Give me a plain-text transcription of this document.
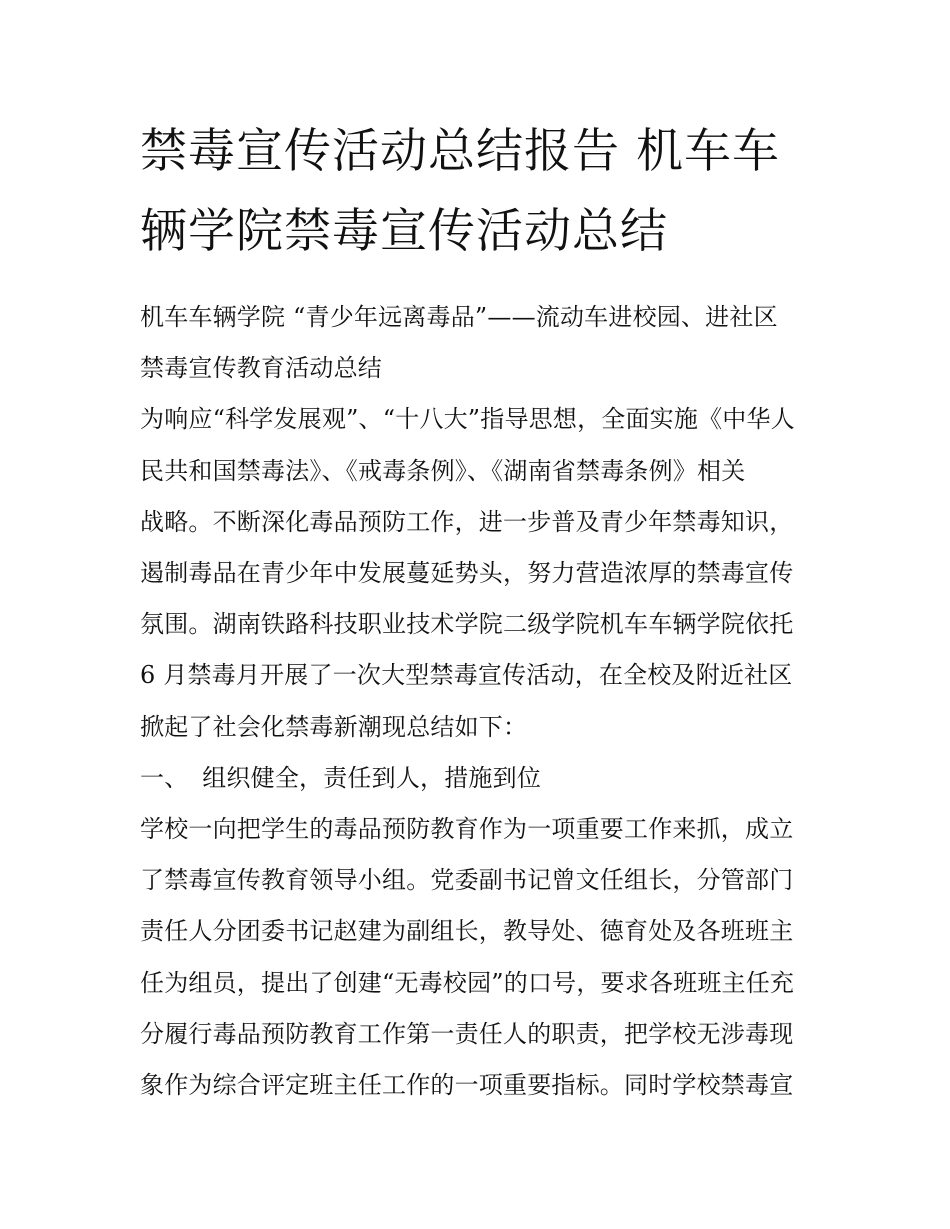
禁毒宣传活动总结报告 机车车
辆学院禁毒宣传活动总结
机车车辆学院 “青少年远离毒品”——流动车进校园、进社区
禁毒宣传教育活动总结
为响应“科学发展观”、“十八大”指导思想，全面实施《中华人
民共和国禁毒法》、《戒毒条例》、《湖南省禁毒条例》相关
战略。不断深化毒品预防工作，进一步普及青少年禁毒知识，
遏制毒品在青少年中发展蔓延势头，努力营造浓厚的禁毒宣传
氛围。湖南铁路科技职业技术学院二级学院机车车辆学院依托
6 月禁毒月开展了一次大型禁毒宣传活动，在全校及附近社区
掀起了社会化禁毒新潮现总结如下：
一、 组织健全，责任到人，措施到位
学校一向把学生的毒品预防教育作为一项重要工作来抓，成立
了禁毒宣传教育领导小组。党委副书记曾文任组长，分管部门
责任人分团委书记赵建为副组长，教导处、德育处及各班班主
任为组员，提出了创建“无毒校园”的口号，要求各班班主任充
分履行毒品预防教育工作第一责任人的职责，把学校无涉毒现
象作为综合评定班主任工作的一项重要指标。同时学校禁毒宣
